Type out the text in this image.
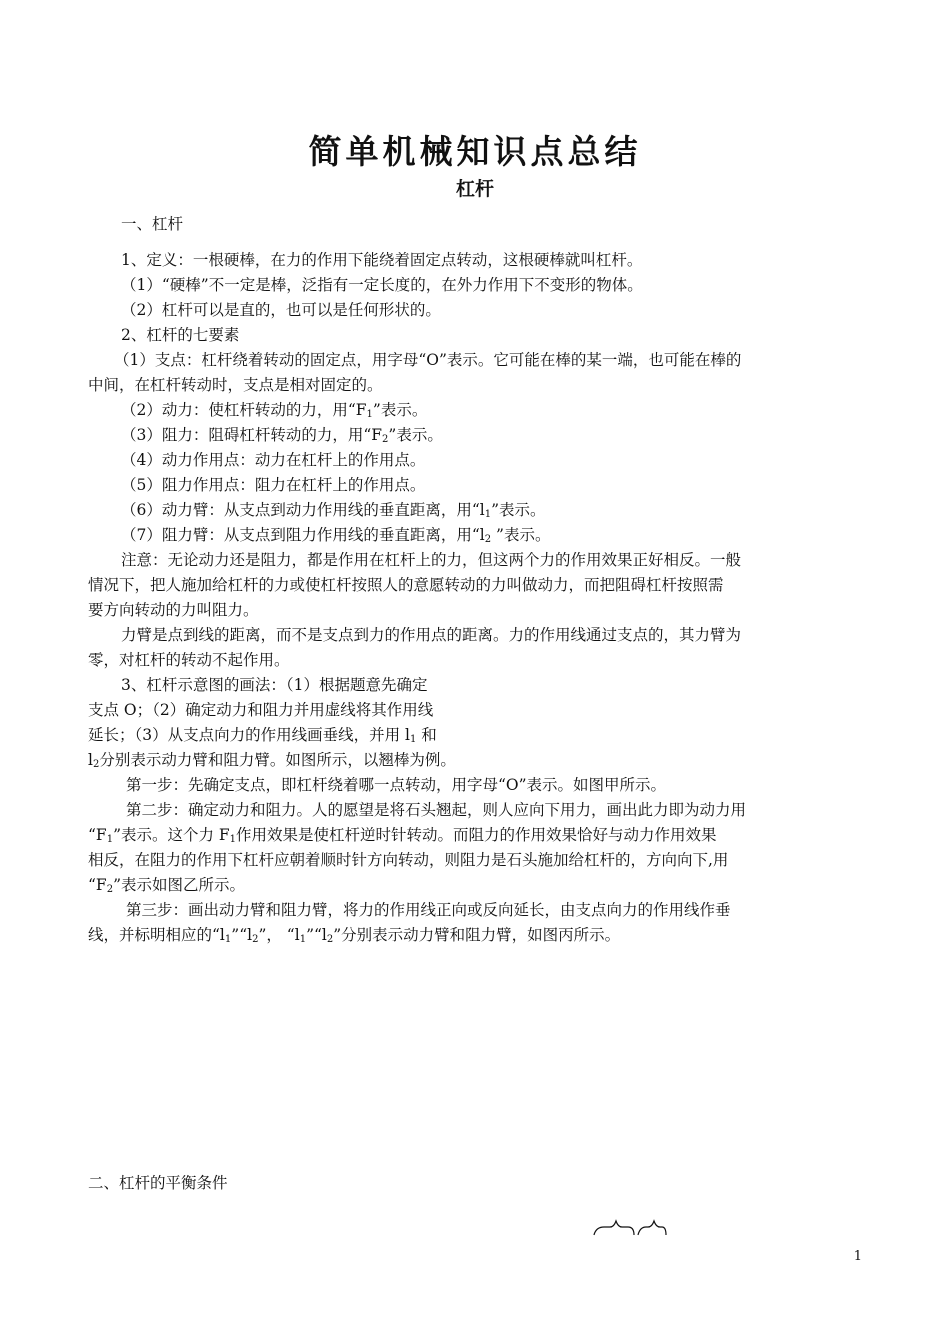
简单机械知识点总结
杠杆
一、杠杆
1、定义：一根硬棒，在力的作用下能绕着固定点转动，这根硬棒就叫杠杆。
（1）“硬棒”不一定是棒，泛指有一定长度的，在外力作用下不变形的物体。
（2）杠杆可以是直的，也可以是任何形状的。
2、杠杆的七要素
（1）支点：杠杆绕着转动的固定点，用字母“O”表示。它可能在棒的某一端，也可能在棒的
中间，在杠杆转动时，支点是相对固定的。
（2）动力：使杠杆转动的力，用“$F_1$”表示。
（3）阻力：阻碍杠杆转动的力，用“$F_2$”表示。
（4）动力作用点：动力在杠杆上的作用点。
（5）阻力作用点：阻力在杠杆上的作用点。
（6）动力臂：从支点到动力作用线的垂直距离，用“$l_1$”表示。
（7）阻力臂：从支点到阻力作用线的垂直距离，用“$l_2$ ”表示。
注意：无论动力还是阻力，都是作用在杠杆上的力，但这两个力的作用效果正好相反。一般
情况下，把人施加给杠杆的力或使杠杆按照人的意愿转动的力叫做动力，而把阻碍杠杆按照需
要方向转动的力叫阻力。
力臂是点到线的距离，而不是支点到力的作用点的距离。力的作用线通过支点的，其力臂为
零，对杠杆的转动不起作用。
3、杠杆示意图的画法：（1）根据题意先确定
支点 O；（2）确定动力和阻力并用虚线将其作用线
延长；（3）从支点向力的作用线画垂线，并用 $l_1$ 和
$l_2$分别表示动力臂和阻力臂。如图所示，以翘棒为例。
第一步：先确定支点，即杠杆绕着哪一点转动，用字母“O”表示。如图甲所示。
第二步：确定动力和阻力。人的愿望是将石头翘起，则人应向下用力，画出此力即为动力用
“$F_1$”表示。这个力 $F_1$作用效果是使杠杆逆时针转动。而阻力的作用效果恰好与动力作用效果
相反，在阻力的作用下杠杆应朝着顺时针方向转动，则阻力是石头施加给杠杆的，方向向下,用
“$F_2$”表示如图乙所示。
第三步：画出动力臂和阻力臂，将力的作用线正向或反向延长，由支点向力的作用线作垂
线，并标明相应的“$l_1”“l_2$”， “$l_1”“l_2$”分别表示动力臂和阻力臂，如图丙所示。
二、杠杆的平衡条件
1
